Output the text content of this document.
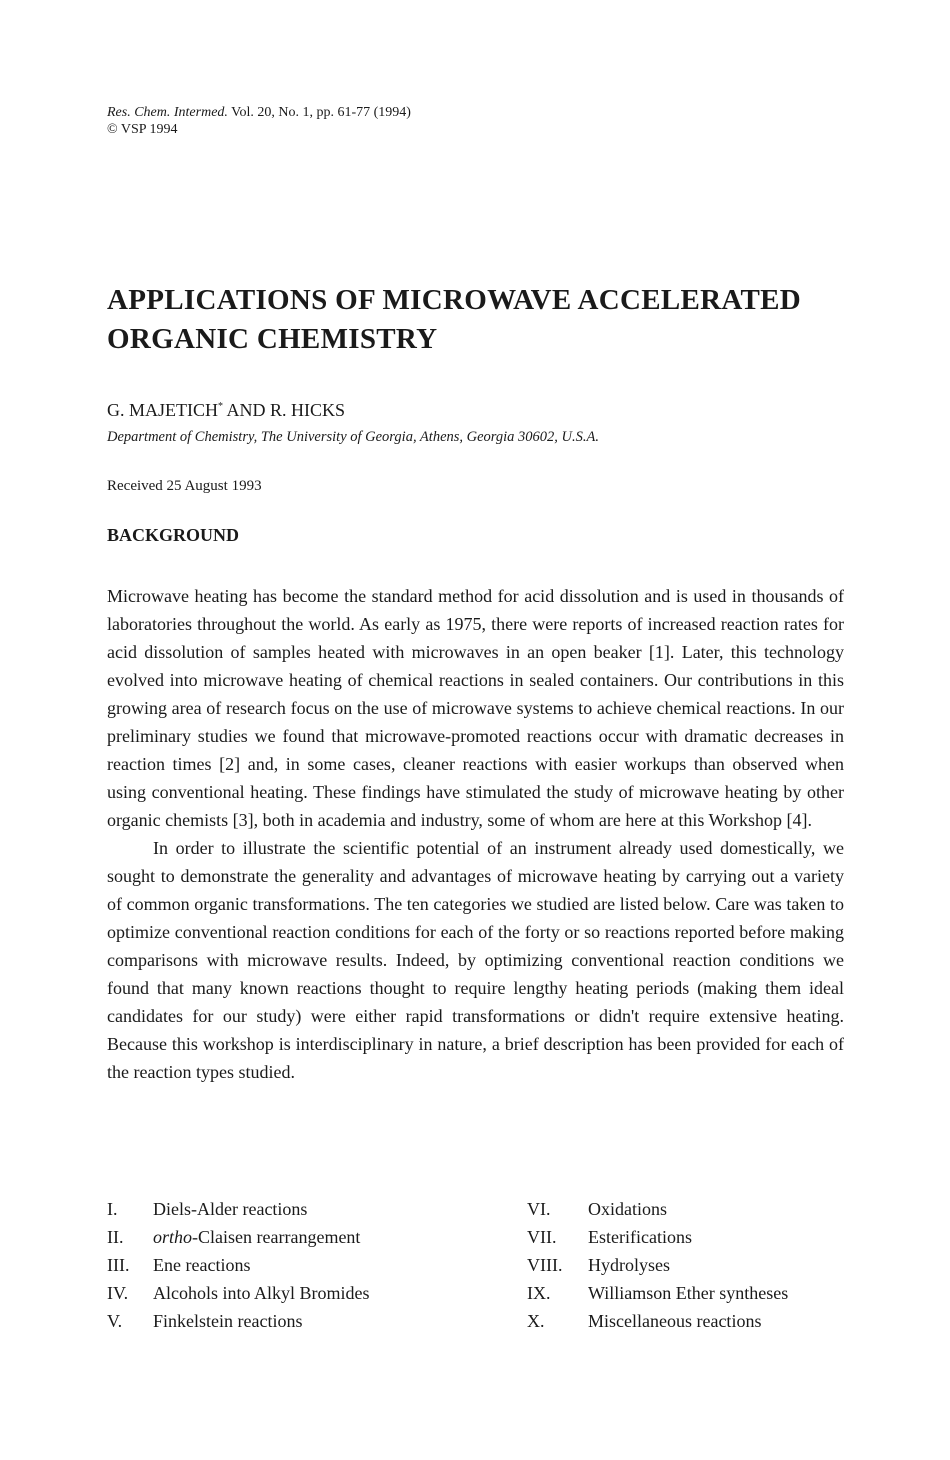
Res. Chem. Intermed. Vol. 20, No. 1, pp. 61-77 (1994)
© VSP 1994
APPLICATIONS OF MICROWAVE ACCELERATED
ORGANIC CHEMISTRY
G. MAJETICH* AND R. HICKS
Department of Chemistry, The University of Georgia, Athens, Georgia 30602, U.S.A.
Received 25 August 1993
BACKGROUND

Microwave heating has become the standard method for acid dissolution and is used in thousands of laboratories throughout the world. As early as 1975, there were reports of increased reaction rates for acid dissolution of samples heated with microwaves in an open beaker [1]. Later, this technology evolved into microwave heating of chemical reactions in sealed containers. Our contributions in this growing area of research focus on the use of microwave systems to achieve chemical reactions. In our preliminary studies we found that microwave-promoted reactions occur with dramatic decreases in reaction times [2] and, in some cases, cleaner reactions with easier workups than observed when using conventional heating. These findings have stimulated the study of microwave heating by other organic chemists [3], both in academia and industry, some of whom are here at this Workshop [4].

In order to illustrate the scientific potential of an instrument already used domestically, we sought to demonstrate the generality and advantages of microwave heating by carrying out a variety of common organic transformations. The ten categories we studied are listed below. Care was taken to optimize conventional reaction conditions for each of the forty or so reactions reported before making comparisons with microwave results. Indeed, by optimizing conventional reaction conditions we found that many known reactions thought to require lengthy heating periods (making them ideal candidates for our study) were either rapid transformations or didn't require extensive heating. Because this workshop is interdisciplinary in nature, a brief description has been provided for each of the reaction types studied.

I.	Diels-Alder reactions
II.	ortho-Claisen rearrangement
III.	Ene reactions
IV.	Alcohols into Alkyl Bromides
V.	Finkelstein reactions
VI.	Oxidations
VII.	Esterifications
VIII.	Hydrolyses
IX.	Williamson Ether syntheses
X.	Miscellaneous reactions
